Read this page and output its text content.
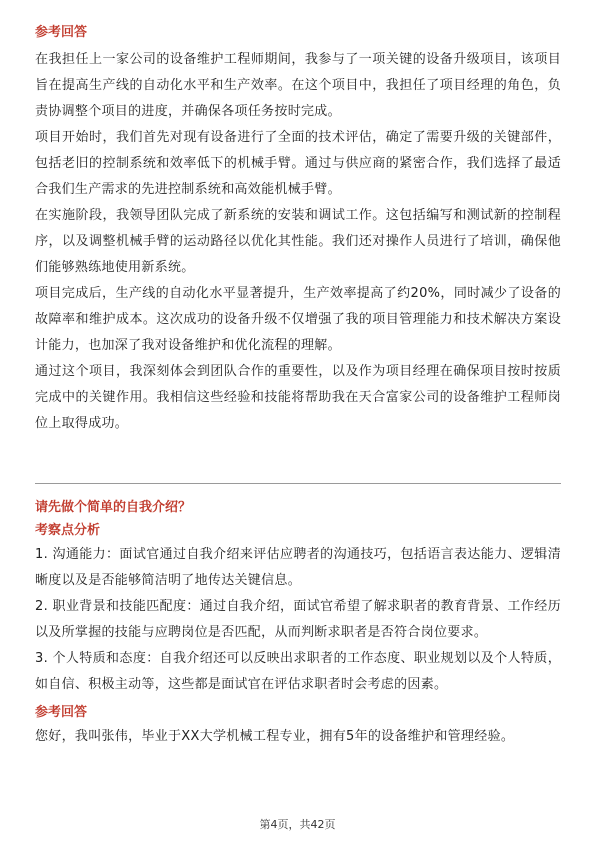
参考回答

在我担任上一家公司的设备维护工程师期间，我参与了一项关键的设备升级项目，该项目旨在提高生产线的自动化水平和生产效率。在这个项目中，我担任了项目经理的角色，负责协调整个项目的进度，并确保各项任务按时完成。

项目开始时，我们首先对现有设备进行了全面的技术评估，确定了需要升级的关键部件，包括老旧的控制系统和效率低下的机械手臂。通过与供应商的紧密合作，我们选择了最适合我们生产需求的先进控制系统和高效能机械手臂。

在实施阶段，我领导团队完成了新系统的安装和调试工作。这包括编写和测试新的控制程序，以及调整机械手臂的运动路径以优化其性能。我们还对操作人员进行了培训，确保他们能够熟练地使用新系统。

项目完成后，生产线的自动化水平显著提升，生产效率提高了约20%，同时减少了设备的故障率和维护成本。这次成功的设备升级不仅增强了我的项目管理能力和技术解决方案设计能力，也加深了我对设备维护和优化流程的理解。

通过这个项目，我深刻体会到团队合作的重要性，以及作为项目经理在确保项目按时按质完成中的关键作用。我相信这些经验和技能将帮助我在天合富家公司的设备维护工程师岗位上取得成功。

请先做个简单的自我介绍？
考察点分析

1. 沟通能力：面试官通过自我介绍来评估应聘者的沟通技巧，包括语言表达能力、逻辑清晰度以及是否能够简洁明了地传达关键信息。

2. 职业背景和技能匹配度：通过自我介绍，面试官希望了解求职者的教育背景、工作经历以及所掌握的技能与应聘岗位是否匹配，从而判断求职者是否符合岗位要求。

3. 个人特质和态度：自我介绍还可以反映出求职者的工作态度、职业规划以及个人特质，如自信、积极主动等，这些都是面试官在评估求职者时会考虑的因素。

参考回答

您好，我叫张伟，毕业于XX大学机械工程专业，拥有5年的设备维护和管理经验。

第4页，共42页
